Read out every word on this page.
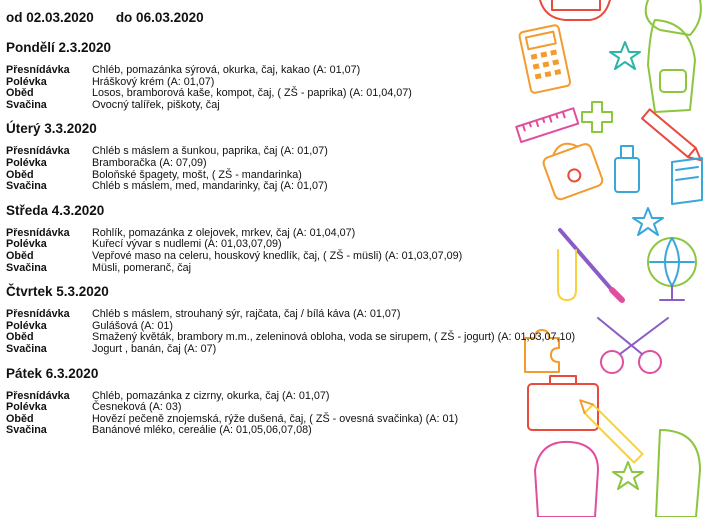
od 02.03.2020 do 06.03.2020
Pondělí 2.3.2020
Přesnídávka Chléb, pomazánka sýrová, okurka, čaj, kakao (A: 01,07)
Polévka	Hráškový krém (A: 01,07)
Oběd	Losos, bramborová kaše, kompot, čaj, ( ZŠ - paprika) (A: 01,04,07)
Svačina	Ovocný talířek, piškoty, čaj
Úterý 3.3.2020
Přesnídávka Chléb s máslem a šunkou, paprika, čaj (A: 01,07)
Polévka	Bramboračka (A: 07,09)
Oběd	Boloňské špagety, mošt, ( ZŠ - mandarinka)
Svačina	Chléb s máslem, med, mandarinky, čaj (A: 01,07)
Středa 4.3.2020
Přesnídávka Rohlík, pomazánka z olejovek, mrkev, čaj (A: 01,04,07)
Polévka	Kuřecí vývar s nudlemi (A: 01,03,07,09)
Oběd	Vepřové maso na celeru, houskový knedlík, čaj, ( ZŠ - müsli) (A: 01,03,07,09)
Svačina	Müsli, pomeranč, čaj
Čtvrtek 5.3.2020
Přesnídávka Chléb s máslem, strouhaný sýr, rajčata, čaj / bílá káva (A: 01,07)
Polévka	Gulášová (A: 01)
Oběd	Smažený květák, brambory m.m., zeleninová obloha, voda se sirupem, ( ZŠ - jogurt) (A: 01,03,07,10)
Svačina	Jogurt , banán, čaj (A: 07)
Pátek 6.3.2020
Přesnídávka Chléb, pomazánka z cizrny, okurka, čaj (A: 01,07)
Polévka	Česneková (A: 03)
Oběd	Hovězí pečeně znojemská, rýže dušená, čaj, ( ZŠ - ovesná svačinka) (A: 01)
Svačina	Banánové mléko, cereálie (A: 01,05,06,07,08)
